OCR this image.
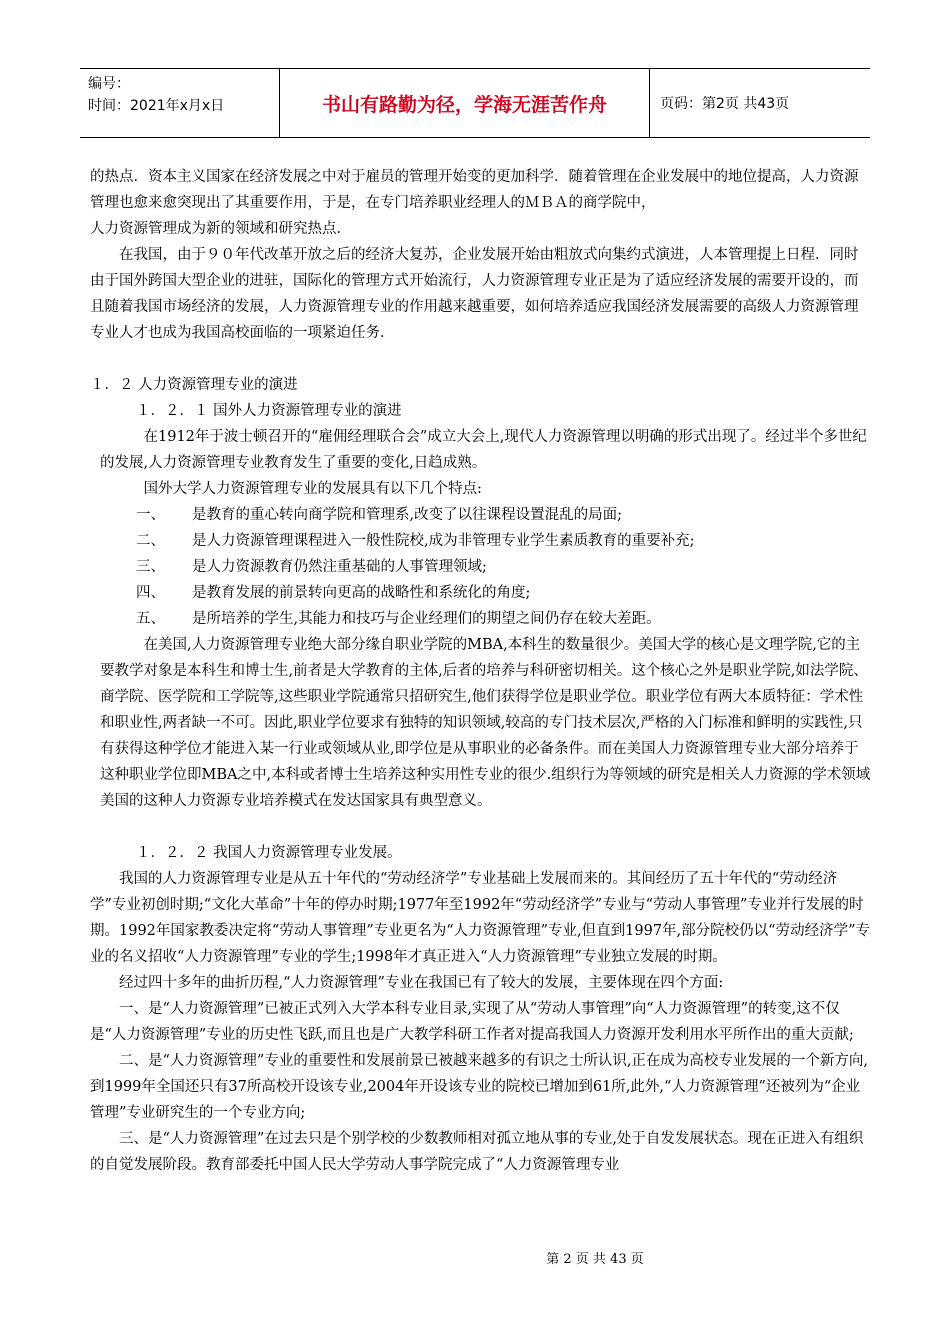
编号：
时间：2021年x月x日	书山有路勤为径，学海无涯苦作舟	页码：第2页 共43页

的热点．资本主义国家在经济发展之中对于雇员的管理开始变的更加科学．随着管理在企业发展中的地位提高，人力资源管理也愈来愈突现出了其重要作用，于是，在专门培养职业经理人的ＭＢＡ的商学院中，

人力资源管理成为新的领域和研究热点．

在我国，由于９０年代改革开放之后的经济大复苏，企业发展开始由粗放式向集约式演进，人本管理提上日程．同时由于国外跨国大型企业的进驻，国际化的管理方式开始流行，人力资源管理专业正是为了适应经济发展的需要开设的，而且随着我国市场经济的发展，人力资源管理专业的作用越来越重要，如何培养适应我国经济发展需要的高级人力资源管理专业人才也成为我国高校面临的一项紧迫任务．

１．２ 人力资源管理专业的演进

１．２．１ 国外人力资源管理专业的演进

在1912年于波士顿召开的“雇佣经理联合会”成立大会上,现代人力资源管理以明确的形式出现了。经过半个多世纪的发展,人力资源管理专业教育发生了重要的变化,日趋成熟。

国外大学人力资源管理专业的发展具有以下几个特点:

一、	是教育的重心转向商学院和管理系,改变了以往课程设置混乱的局面;
二、	是人力资源管理课程进入一般性院校,成为非管理专业学生素质教育的重要补充;
三、	是人力资源教育仍然注重基础的人事管理领域;
四、	是教育发展的前景转向更高的战略性和系统化的角度;
五、	是所培养的学生,其能力和技巧与企业经理们的期望之间仍存在较大差距。

在美国,人力资源管理专业绝大部分缘自职业学院的MBA,本科生的数量很少。美国大学的核心是文理学院,它的主要教学对象是本科生和博士生,前者是大学教育的主体,后者的培养与科研密切相关。这个核心之外是职业学院,如法学院、商学院、医学院和工学院等,这些职业学院通常只招研究生,他们获得学位是职业学位。职业学位有两大本质特征：学术性和职业性,两者缺一不可。因此,职业学位要求有独特的知识领域,较高的专门技术层次,严格的入门标准和鲜明的实践性,只有获得这种学位才能进入某一行业或领域从业,即学位是从事职业的必备条件。而在美国人力资源管理专业大部分培养于这种职业学位即MBA之中,本科或者博士生培养这种实用性专业的很少.组织行为等领域的研究是相关人力资源的学术领域美国的这种人力资源专业培养模式在发达国家具有典型意义。

１．２．２ 我国人力资源管理专业发展。

我国的人力资源管理专业是从五十年代的“劳动经济学”专业基础上发展而来的。其间经历了五十年代的“劳动经济学”专业初创时期;“文化大革命”十年的停办时期;1977年至1992年“劳动经济学”专业与“劳动人事管理”专业并行发展的时期。1992年国家教委决定将“劳动人事管理”专业更名为“人力资源管理”专业,但直到1997年,部分院校仍以“劳动经济学”专业的名义招收“人力资源管理”专业的学生;1998年才真正进入“人力资源管理”专业独立发展的时期。

经过四十多年的曲折历程,“人力资源管理”专业在我国已有了较大的发展，主要体现在四个方面:

一、是“人力资源管理”已被正式列入大学本科专业目录,实现了从“劳动人事管理”向“人力资源管理”的转变,这不仅是“人力资源管理”专业的历史性飞跃,而且也是广大教学科研工作者对提高我国人力资源开发利用水平所作出的重大贡献;

二、是“人力资源管理”专业的重要性和发展前景已被越来越多的有识之士所认识,正在成为高校专业发展的一个新方向,到1999年全国还只有37所高校开设该专业,2004年开设该专业的院校已增加到61所,此外,“人力资源管理”还被列为“企业管理”专业研究生的一个专业方向;

三、是“人力资源管理”在过去只是个别学校的少数教师相对孤立地从事的专业,处于自发发展状态。现在正进入有组织的自觉发展阶段。教育部委托中国人民大学劳动人事学院完成了“人力资源管理专业

第 2 页 共 43 页
